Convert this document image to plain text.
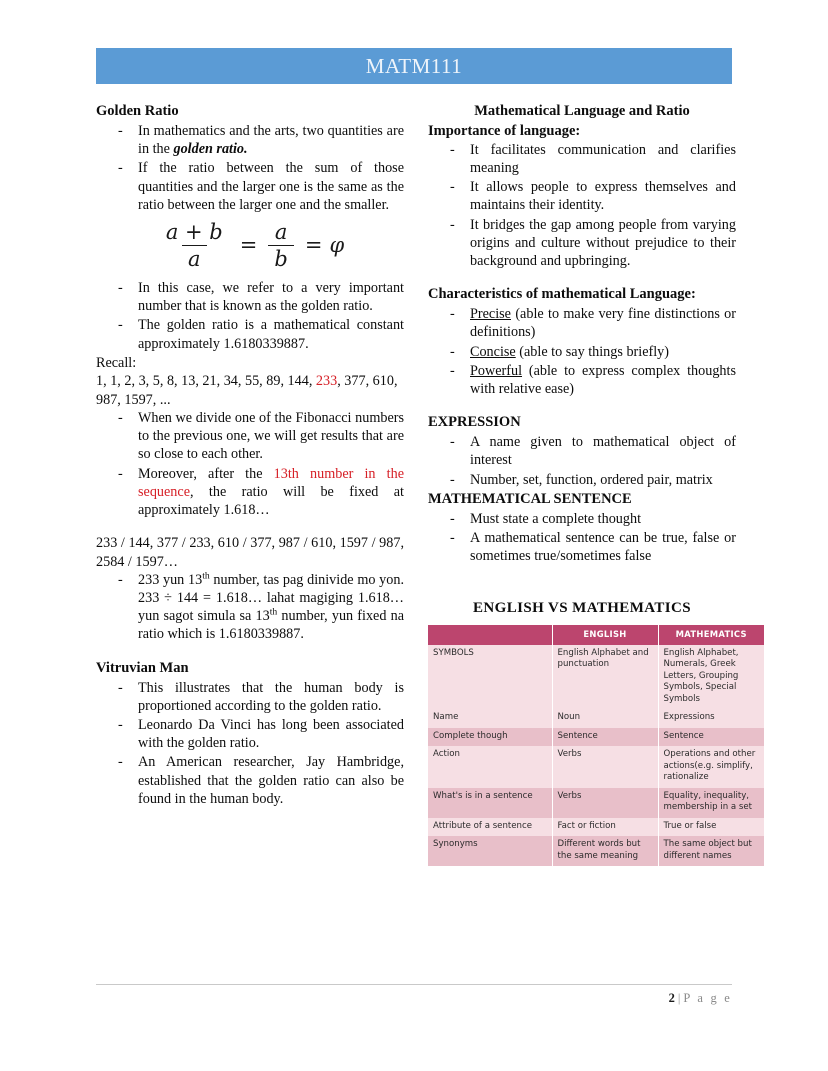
MATM111
Golden Ratio
- In mathematics and the arts, two quantities are in the golden ratio.
- If the ratio between the sum of those quantities and the larger one is the same as the ratio between the larger one and the smaller.
$\frac{a + b}{a} = \frac{a}{b} = \varphi$
- In this case, we refer to a very important number that is known as the golden ratio.
- The golden ratio is a mathematical constant approximately 1.6180339887.

Recall:

1, 1, 2, 3, 5, 8, 13, 21, 34, 55, 89, 144, 233, 377, 610, 987, 1597, ...

- When we divide one of the Fibonacci numbers to the previous one, we will get results that are so close to each other.
- Moreover, after the 13th number in the sequence, the ratio will be fixed at approximately 1.618…

233 / 144, 377 / 233, 610 / 377, 987 / 610, 1597 / 987, 2584 / 1597…

- 233 yun 13th number, tas pag dinivide mo yon. 233 ÷ 144 = 1.618… lahat magiging 1.618… yun sagot simula sa 13th number, yun fixed na ratio which is 1.6180339887.
Vitruvian Man
- This illustrates that the human body is proportioned according to the golden ratio.
- Leonardo Da Vinci has long been associated with the golden ratio.
- An American researcher, Jay Hambridge, established that the golden ratio can also be found in the human body.
Mathematical Language and Ratio

Importance of language:

- It facilitates communication and clarifies meaning
- It allows people to express themselves and maintains their identity.
- It bridges the gap among people from varying origins and culture without prejudice to their background and upbringing.
Characteristics of mathematical Language:
- Precise (able to make very fine distinctions or definitions)
- Concise (able to say things briefly)
- Powerful (able to express complex thoughts with relative ease)
EXPRESSION
- A name given to mathematical object of interest
- Number, set, function, ordered pair, matrix
MATHEMATICAL SENTENCE
- Must state a complete thought
- A mathematical sentence can be true, false or sometimes true/sometimes false

ENGLISH VS MATHEMATICS

	ENGLISH	MATHEMATICS
SYMBOLS	English Alphabet and punctuation	English Alphabet, Numerals, Greek Letters, Grouping Symbols, Special Symbols
Name	Noun	Expressions
Complete though	Sentence	Sentence
Action	Verbs	Operations and other actions(e.g. simplify, rationalize
What's is in a sentence	Verbs	Equality, inequality, membership in a set
Attribute of a sentence	Fact or fiction	True or false
Synonyms	Different words but the same meaning	The same object but different names
2 | P a g e
